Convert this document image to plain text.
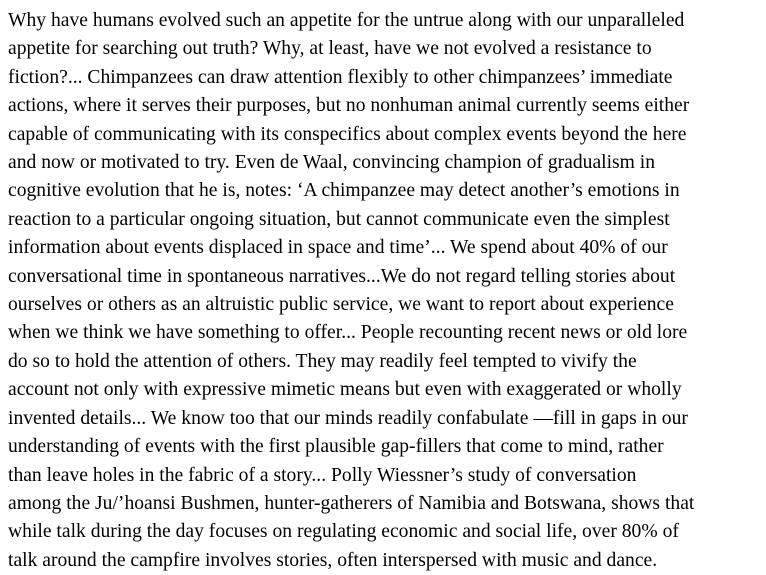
Why have humans evolved such an appetite for the untrue along with our unparalleled
appetite for searching out truth? Why, at least, have we not evolved a resistance to
fiction?... Chimpanzees can draw attention flexibly to other chimpanzees’ immediate
actions, where it serves their purposes, but no nonhuman animal currently seems either
capable of communicating with its conspecifics about complex events beyond the here
and now or motivated to try. Even de Waal, convincing champion of gradualism in
cognitive evolution that he is, notes: ‘A chimpanzee may detect another’s emotions in
reaction to a particular ongoing situation, but cannot communicate even the simplest
information about events displaced in space and time’... We spend about 40% of our
conversational time in spontaneous narratives...We do not regard telling stories about
ourselves or others as an altruistic public service, we want to report about experience
when we think we have something to offer... People recounting recent news or old lore
do so to hold the attention of others. They may readily feel tempted to vivify the
account not only with expressive mimetic means but even with exaggerated or wholly
invented details... We know too that our minds readily confabulate —fill in gaps in our
understanding of events with the first plausible gap-fillers that come to mind, rather
than leave holes in the fabric of a story... Polly Wiessner’s study of conversation
among the Ju/’hoansi Bushmen, hunter-gatherers of Namibia and Botswana, shows that
while talk during the day focuses on regulating economic and social life, over 80% of
talk around the campfire involves stories, often interspersed with music and dance.
